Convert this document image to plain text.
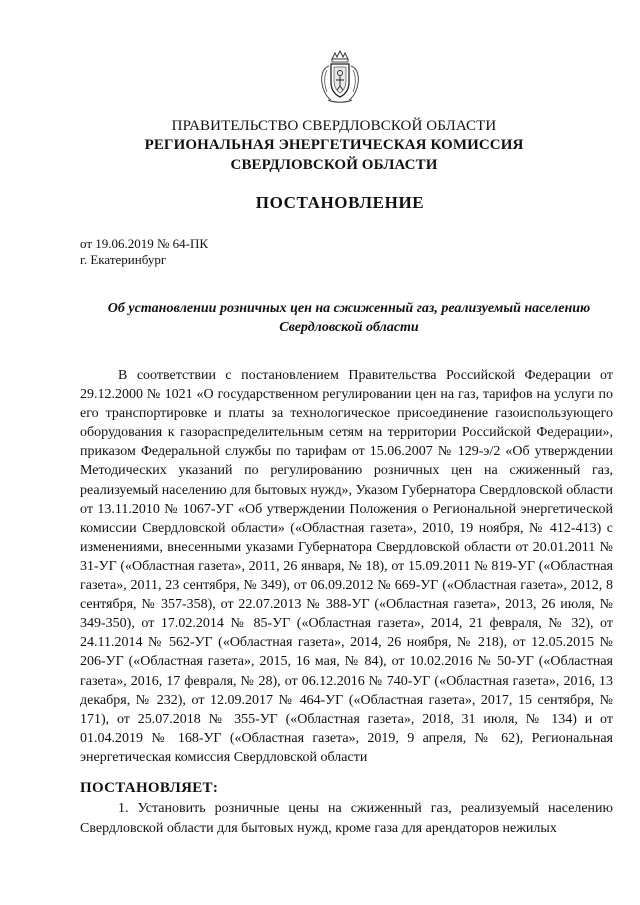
ПРАВИТЕЛЬСТВО СВЕРДЛОВСКОЙ ОБЛАСТИ
РЕГИОНАЛЬНАЯ ЭНЕРГЕТИЧЕСКАЯ КОМИССИЯ
СВЕРДЛОВСКОЙ ОБЛАСТИ
ПОСТАНОВЛЕНИЕ
от 19.06.2019 № 64-ПК
г. Екатеринбург
Об установлении розничных цен на сжиженный газ, реализуемый населению Свердловской области

В соответствии с постановлением Правительства Российской Федерации от 29.12.2000 № 1021 «О государственном регулировании цен на газ, тарифов на услуги по его транспортировке и платы за технологическое присоединение газоиспользующего оборудования к газораспределительным сетям на территории Российской Федерации», приказом Федеральной службы по тарифам от 15.06.2007 № 129-э/2 «Об утверждении Методических указаний по регулированию розничных цен на сжиженный газ, реализуемый населению для бытовых нужд», Указом Губернатора Свердловской области от 13.11.2010 № 1067-УГ «Об утверждении Положения о Региональной энергетической комиссии Свердловской области» («Областная газета», 2010, 19 ноября, № 412-413) с изменениями, внесенными указами Губернатора Свердловской области от 20.01.2011 № 31-УГ («Областная газета», 2011, 26 января, № 18), от 15.09.2011 № 819-УГ («Областная газета», 2011, 23 сентября, № 349), от 06.09.2012 № 669-УГ («Областная газета», 2012, 8 сентября, № 357-358), от 22.07.2013 № 388-УГ («Областная газета», 2013, 26 июля, № 349-350), от 17.02.2014 № 85-УГ («Областная газета», 2014, 21 февраля, № 32), от 24.11.2014 № 562-УГ («Областная газета», 2014, 26 ноября, № 218), от 12.05.2015 № 206-УГ («Областная газета», 2015, 16 мая, № 84), от 10.02.2016 № 50-УГ («Областная газета», 2016, 17 февраля, № 28), от 06.12.2016 № 740-УГ («Областная газета», 2016, 13 декабря, № 232), от 12.09.2017 № 464-УГ («Областная газета», 2017, 15 сентября, № 171), от 25.07.2018 № 355-УГ («Областная газета», 2018, 31 июля, № 134) и от 01.04.2019 № 168-УГ («Областная газета», 2019, 9 апреля, № 62), Региональная энергетическая комиссия Свердловской области

ПОСТАНОВЛЯЕТ:

1. Установить розничные цены на сжиженный газ, реализуемый населению Свердловской области для бытовых нужд, кроме газа для арендаторов нежилых
